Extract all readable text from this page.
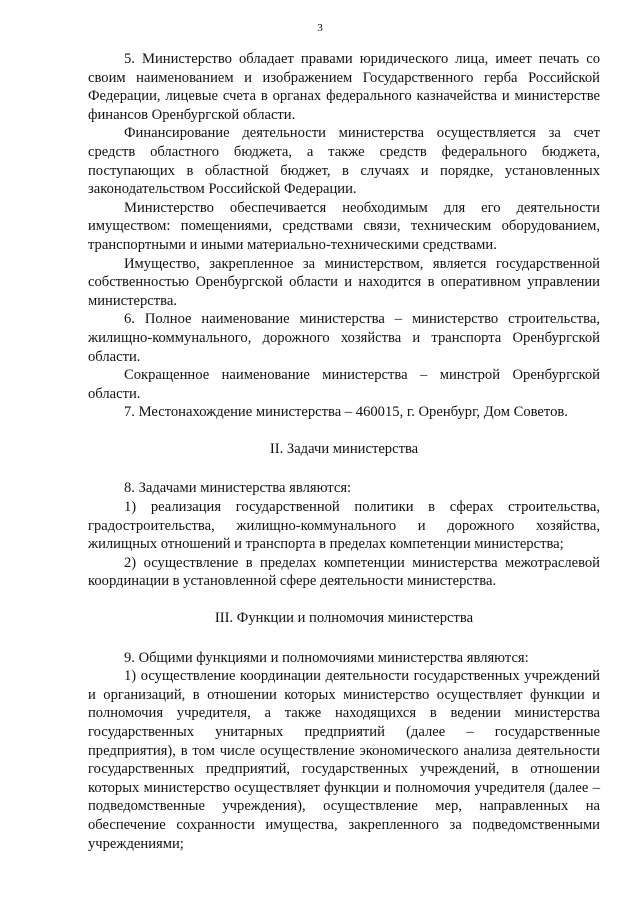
3

5. Министерство обладает правами юридического лица, имеет печать со своим наименованием и изображением Государственного герба Российской Федерации, лицевые счета в органах федерального казначейства и министерстве финансов Оренбургской области.

Финансирование деятельности министерства осуществляется за счет средств областного бюджета, а также средств федерального бюджета, поступающих в областной бюджет, в случаях и порядке, установленных законодательством Российской Федерации.

Министерство обеспечивается необходимым для его деятельности имуществом: помещениями, средствами связи, техническим оборудованием, транспортными и иными материально-техническими средствами.

Имущество, закрепленное за министерством, является государственной собственностью Оренбургской области и находится в оперативном управлении министерства.

6. Полное наименование министерства – министерство строительства, жилищно-коммунального, дорожного хозяйства и транспорта Оренбургской области.

Сокращенное наименование министерства – минстрой Оренбургской области.

7. Местонахождение министерства – 460015, г. Оренбург, Дом Советов.

II. Задачи министерства

8. Задачами министерства являются:

1) реализация государственной политики в сферах строительства, градостроительства, жилищно-коммунального и дорожного хозяйства, жилищных отношений и транспорта в пределах компетенции министерства;

2) осуществление в пределах компетенции министерства межотраслевой координации в установленной сфере деятельности министерства.

III. Функции и полномочия министерства

9. Общими функциями и полномочиями министерства являются:

1) осуществление координации деятельности государственных учреждений и организаций, в отношении которых министерство осуществляет функции и полномочия учредителя, а также находящихся в ведении министерства государственных унитарных предприятий (далее – государственные предприятия), в том числе осуществление экономического анализа деятельности государственных предприятий, государственных учреждений, в отношении которых министерство осуществляет функции и полномочия учредителя (далее – подведомственные учреждения), осуществление мер, направленных на обеспечение сохранности имущества, закрепленного за подведомственными учреждениями;
